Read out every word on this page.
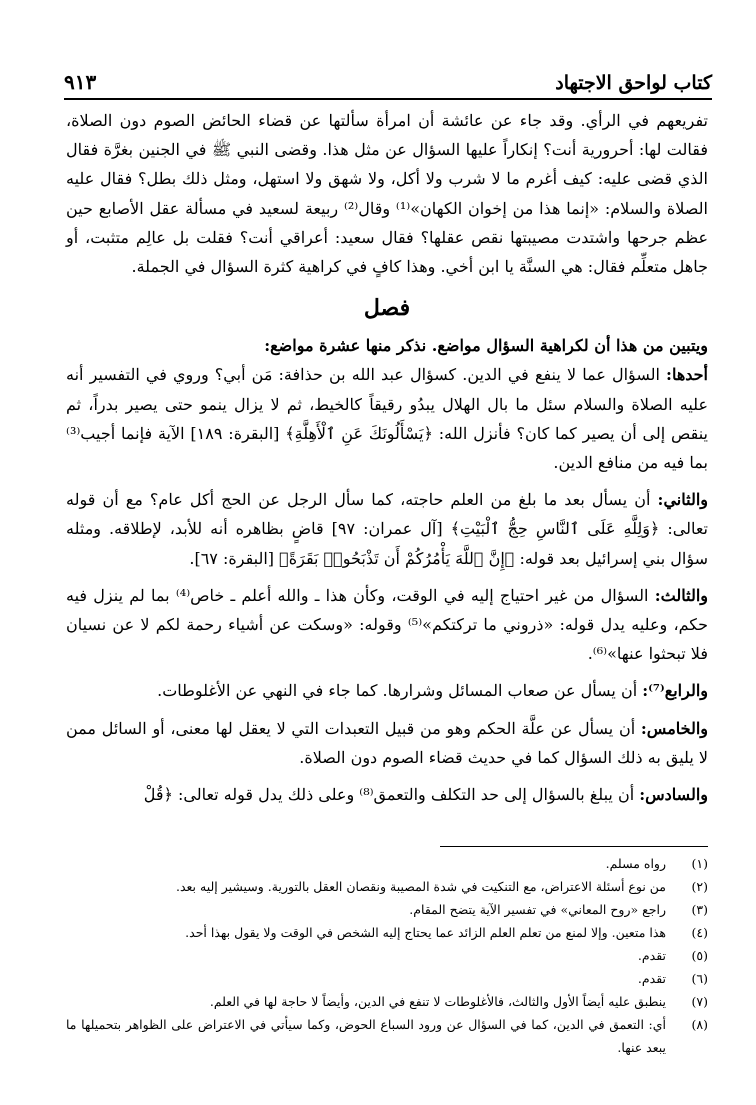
كتاب لواحق الاجتهاد
٩١٣

تفريعهم في الرأي. وقد جاء عن عائشة أن امرأة سألتها عن قضاء الحائض الصوم دون الصلاة، فقالت لها: أحرورية أنت؟ إنكاراً عليها السؤال عن مثل هذا. وقضى النبي ﷺ في الجنين بغرَّة فقال الذي قضى عليه: كيف أغرم ما لا شرب ولا أكل، ولا شهق ولا استهل، ومثل ذلك بطل؟ فقال عليه الصلاة والسلام: «إنما هذا من إخوان الكهان»⁽¹⁾ وقال⁽²⁾ ربيعة لسعيد في مسألة عقل الأصابع حين عظم جرحها واشتدت مصيبتها نقص عقلها؟ فقال سعيد: أعراقي أنت؟ فقلت بل عالِم متثبت، أو جاهل متعلِّم فقال: هي السنَّة يا ابن أخي. وهذا كافٍ في كراهية كثرة السؤال في الجملة.

فصل

ويتبين من هذا أن لكراهية السؤال مواضع. نذكر منها عشرة مواضع:

أحدها: السؤال عما لا ينفع في الدين. كسؤال عبد الله بن حذافة: مَن أبي؟ وروي في التفسير أنه عليه الصلاة والسلام سئل ما بال الهلال يبدُو رقيقاً كالخيط، ثم لا يزال ينمو حتى يصير بدراً، ثم ينقص إلى أن يصير كما كان؟ فأنزل الله: ﴿يَسْأَلُونَكَ عَنِ ٱلْأَهِلَّةِ﴾ [البقرة: ١٨٩] الآية فإنما أجيب⁽³⁾ بما فيه من منافع الدين.

والثاني: أن يسأل بعد ما بلغ من العلم حاجته، كما سأل الرجل عن الحج أكل عام؟ مع أن قوله تعالى: ﴿وَلِلَّهِ عَلَى ٱلنَّاسِ حِجُّ ٱلْبَيْتِ﴾ [آل عمران: ٩٧] قاضٍ بظاهره أنه للأبد، لإطلاقه. ومثله سؤال بني إسرائيل بعد قوله: ﴿إِنَّ ٱللَّهَ يَأْمُرُكُمْ أَن تَذْبَحُوا۟ بَقَرَةً﴾ [البقرة: ٦٧].

والثالث: السؤال من غير احتياج إليه في الوقت، وكأن هذا ـ والله أعلم ـ خاص⁽⁴⁾ بما لم ينزل فيه حكم، وعليه يدل قوله: «ذروني ما تركتكم»⁽⁵⁾ وقوله: «وسكت عن أشياء رحمة لكم لا عن نسيان فلا تبحثوا عنها»⁽⁶⁾.

والرابع⁽⁷⁾: أن يسأل عن صعاب المسائل وشرارها. كما جاء في النهي عن الأغلوطات.

والخامس: أن يسأل عن علَّة الحكم وهو من قبيل التعبدات التي لا يعقل لها معنى، أو السائل ممن لا يليق به ذلك السؤال كما في حديث قضاء الصوم دون الصلاة.

والسادس: أن يبلغ بالسؤال إلى حد التكلف والتعمق⁽⁸⁾ وعلى ذلك يدل قوله تعالى: ﴿قُلْ

(١)
رواه مسلم.
(٢)
من نوع أسئلة الاعتراض، مع التنكيت في شدة المصيبة ونقصان العقل بالتورية. وسيشير إليه بعد.
(٣)
راجع «روح المعاني» في تفسير الآية يتضح المقام.
(٤)
هذا متعين. وإلا لمنع من تعلم العلم الزائد عما يحتاج إليه الشخص في الوقت ولا يقول بهذا أحد.
(٥)
تقدم.
(٦)
تقدم.
(٧)
ينطبق عليه أيضاً الأول والثالث، فالأغلوطات لا تنفع في الدين، وأيضاً لا حاجة لها في العلم.
(٨)
أي: التعمق في الدين، كما في السؤال عن ورود السباع الحوض، وكما سيأتي في الاعتراض على الظواهر بتحميلها ما يبعد عنها.
